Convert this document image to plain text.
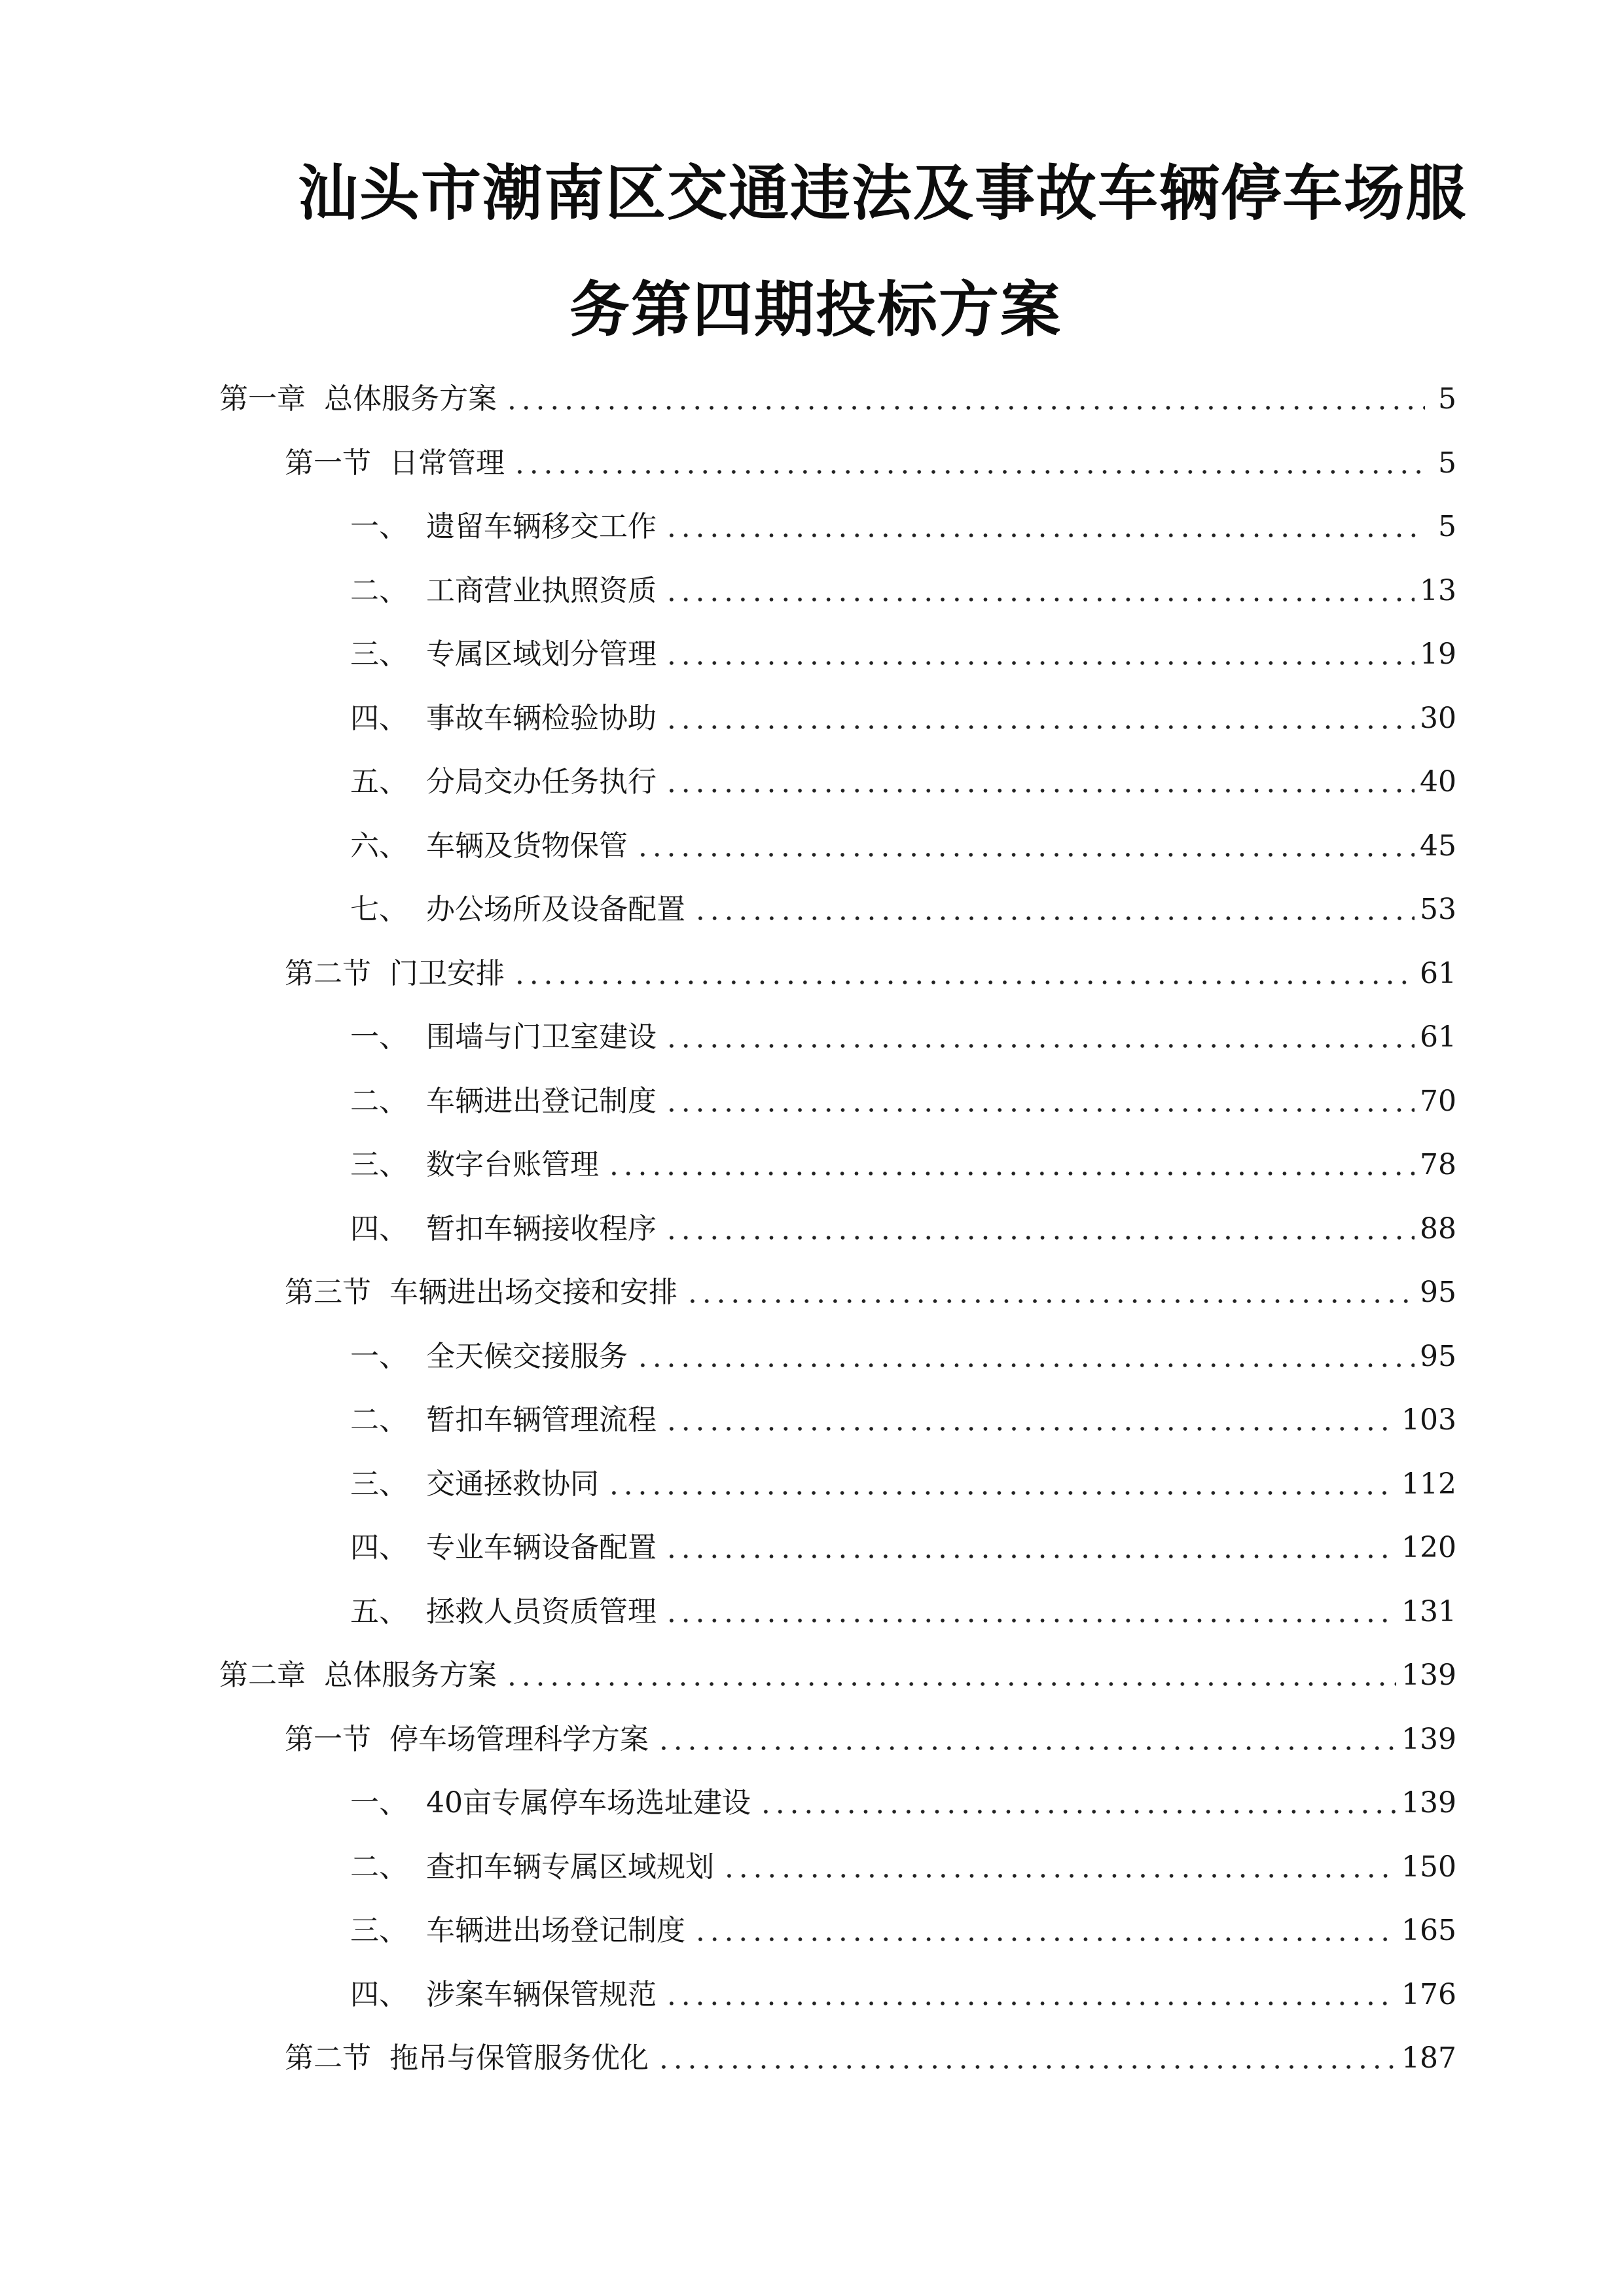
汕头市潮南区交通违法及事故车辆停车场服
务第四期投标方案
第一章 总体服务方案	5
第一节 日常管理	5
一、 遗留车辆移交工作	5
二、 工商营业执照资质	13
三、 专属区域划分管理	19
四、 事故车辆检验协助	30
五、 分局交办任务执行	40
六、 车辆及货物保管	45
七、 办公场所及设备配置	53
第二节 门卫安排	61
一、 围墙与门卫室建设	61
二、 车辆进出登记制度	70
三、 数字台账管理	78
四、 暂扣车辆接收程序	88
第三节 车辆进出场交接和安排	95
一、 全天候交接服务	95
二、 暂扣车辆管理流程	103
三、 交通拯救协同	112
四、 专业车辆设备配置	120
五、 拯救人员资质管理	131
第二章 总体服务方案	139
第一节 停车场管理科学方案	139
一、 40亩专属停车场选址建设	139
二、 查扣车辆专属区域规划	150
三、 车辆进出场登记制度	165
四、 涉案车辆保管规范	176
第二节 拖吊与保管服务优化	187
